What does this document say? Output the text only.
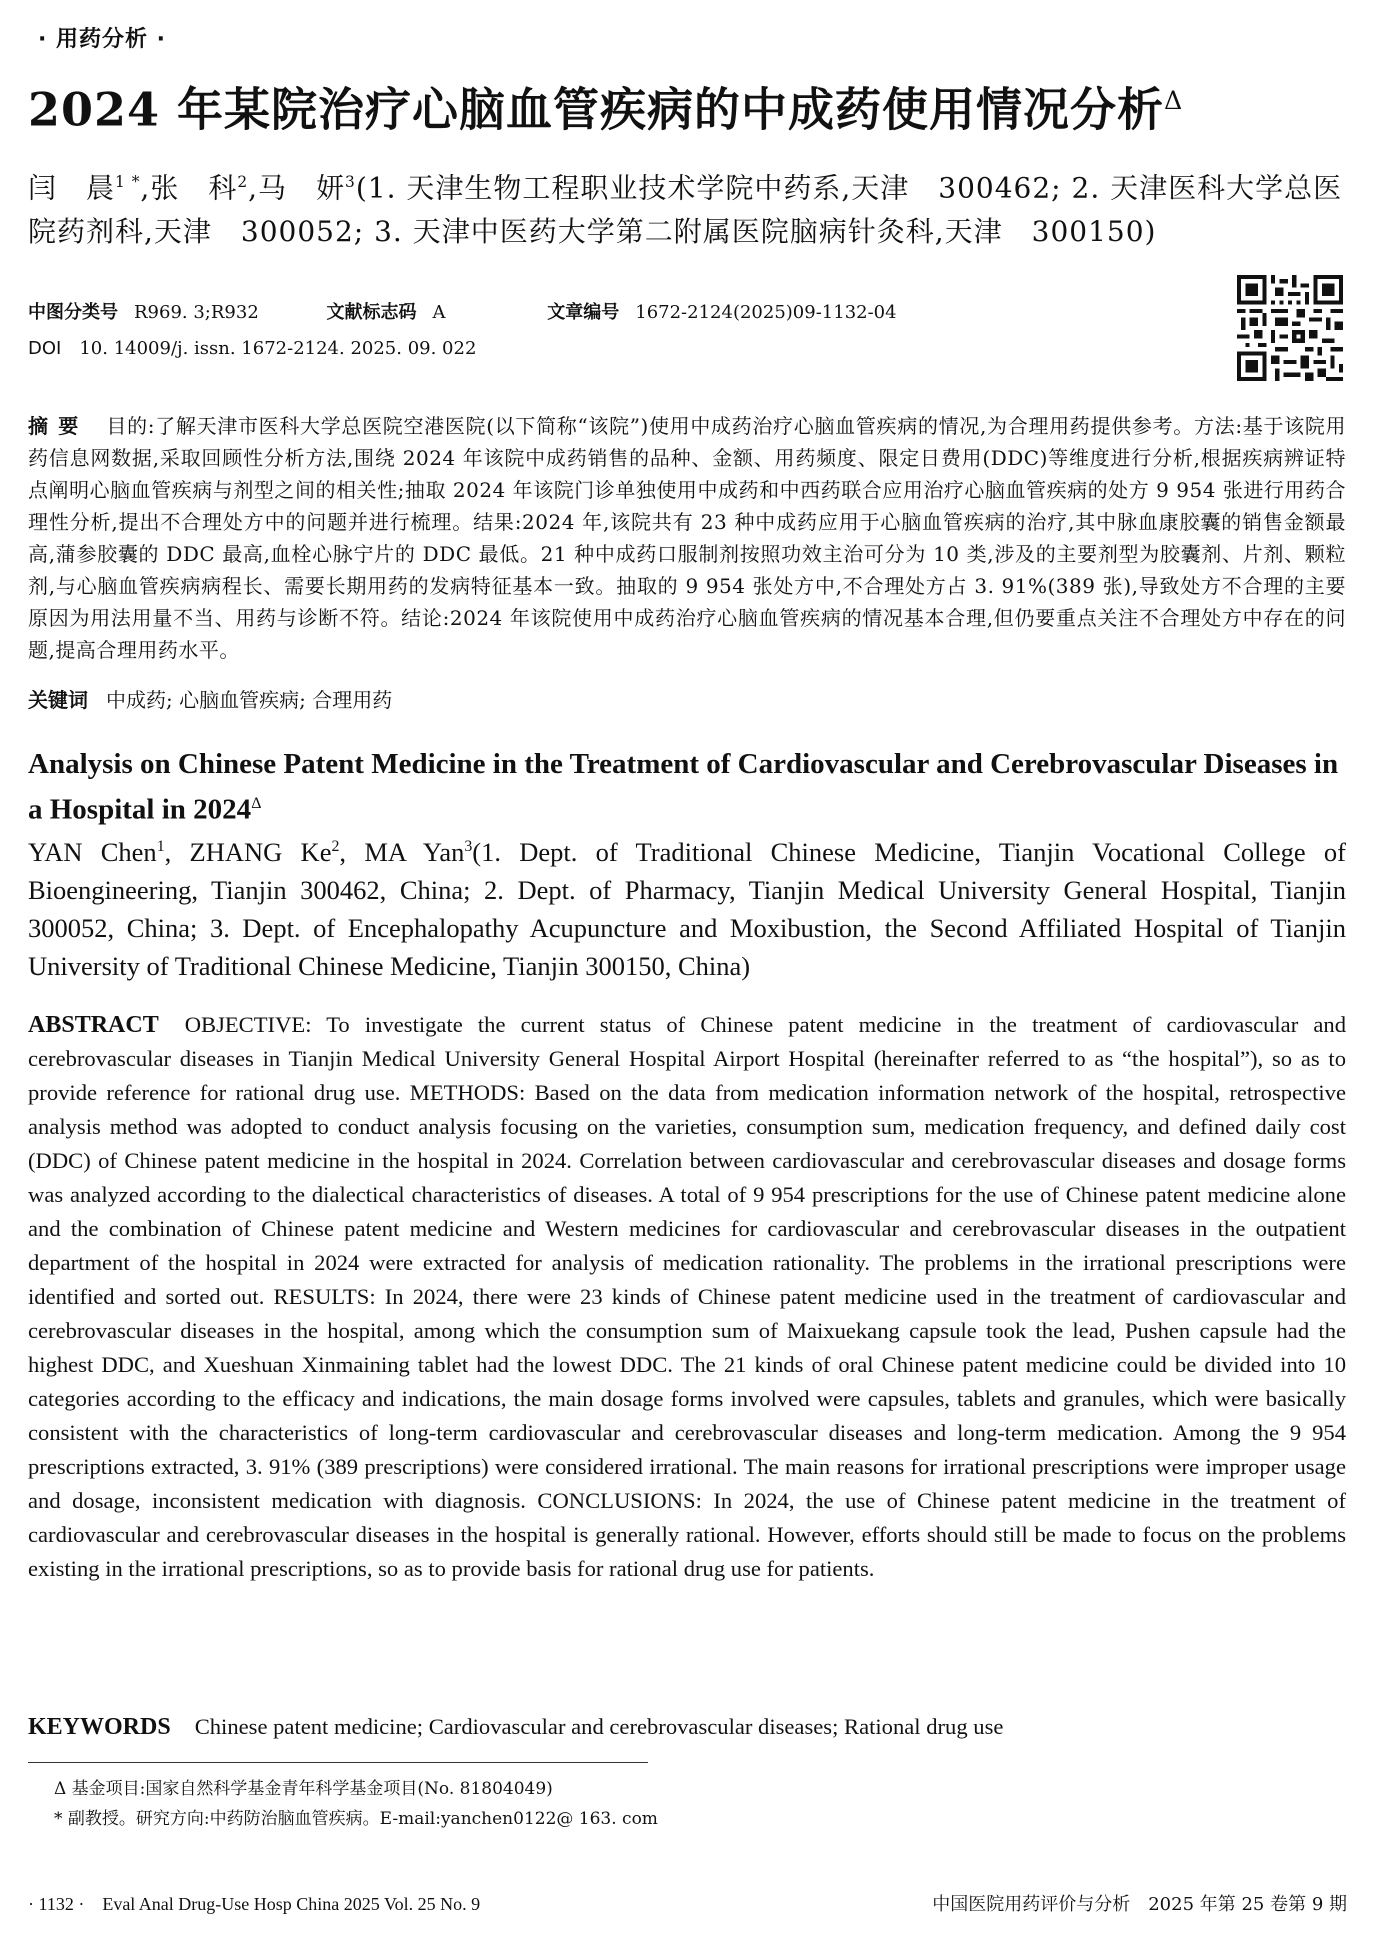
· 用药分析 ·
2024 年某院治疗心脑血管疾病的中成药使用情况分析$^\Delta$
闫　晨$^{1 *}$,张　科$^2$,马　妍$^3$(1. 天津生物工程职业技术学院中药系,天津　300462; 2. 天津医科大学总医院药剂科,天津　300052; 3. 天津中医药大学第二附属医院脑病针灸科,天津　300150)
中图分类号 R969. 3;R932	文献标志码 A	文章编号 1672-2124(2025)09-1132-04
DOI 10. 14009/j. issn. 1672-2124. 2025. 09. 022
摘要 目的:了解天津市医科大学总医院空港医院(以下简称“该院”)使用中成药治疗心脑血管疾病的情况,为合理用药提供参考。方法:基于该院用药信息网数据,采取回顾性分析方法,围绕 2024 年该院中成药销售的品种、金额、用药频度、限定日费用(DDC)等维度进行分析,根据疾病辨证特点阐明心脑血管疾病与剂型之间的相关性;抽取 2024 年该院门诊单独使用中成药和中西药联合应用治疗心脑血管疾病的处方 9 954 张进行用药合理性分析,提出不合理处方中的问题并进行梳理。结果:2024 年,该院共有 23 种中成药应用于心脑血管疾病的治疗,其中脉血康胶囊的销售金额最高,蒲参胶囊的 DDC 最高,血栓心脉宁片的 DDC 最低。21 种中成药口服制剂按照功效主治可分为 10 类,涉及的主要剂型为胶囊剂、片剂、颗粒剂,与心脑血管疾病病程长、需要长期用药的发病特征基本一致。抽取的 9 954 张处方中,不合理处方占 3. 91%(389 张),导致处方不合理的主要原因为用法用量不当、用药与诊断不符。结论:2024 年该院使用中成药治疗心脑血管疾病的情况基本合理,但仍要重点关注不合理处方中存在的问题,提高合理用药水平。
关键词 中成药; 心脑血管疾病; 合理用药
Analysis on Chinese Patent Medicine in the Treatment of Cardiovascular and Cerebrovascular Diseases in a Hospital in $2024^\Delta$
YAN Chen$^1$, ZHANG Ke$^2$, MA Yan$^3$(1. Dept. of Traditional Chinese Medicine, Tianjin Vocational College of Bioengineering, Tianjin 300462, China; 2. Dept. of Pharmacy, Tianjin Medical University General Hospital, Tianjin 300052, China; 3. Dept. of Encephalopathy Acupuncture and Moxibustion, the Second Affiliated Hospital of Tianjin University of Traditional Chinese Medicine, Tianjin 300150, China)
ABSTRACT OBJECTIVE: To investigate the current status of Chinese patent medicine in the treatment of cardiovascular and cerebrovascular diseases in Tianjin Medical University General Hospital Airport Hospital (hereinafter referred to as “the hospital”), so as to provide reference for rational drug use. METHODS: Based on the data from medication information network of the hospital, retrospective analysis method was adopted to conduct analysis focusing on the varieties, consumption sum, medication frequency, and defined daily cost (DDC) of Chinese patent medicine in the hospital in 2024. Correlation between cardiovascular and cerebrovascular diseases and dosage forms was analyzed according to the dialectical characteristics of diseases. A total of 9 954 prescriptions for the use of Chinese patent medicine alone and the combination of Chinese patent medicine and Western medicines for cardiovascular and cerebrovascular diseases in the outpatient department of the hospital in 2024 were extracted for analysis of medication rationality. The problems in the irrational prescriptions were identified and sorted out. RESULTS: In 2024, there were 23 kinds of Chinese patent medicine used in the treatment of cardiovascular and cerebrovascular diseases in the hospital, among which the consumption sum of Maixuekang capsule took the lead, Pushen capsule had the highest DDC, and Xueshuan Xinmaining tablet had the lowest DDC. The 21 kinds of oral Chinese patent medicine could be divided into 10 categories according to the efficacy and indications, the main dosage forms involved were capsules, tablets and granules, which were basically consistent with the characteristics of long-term cardiovascular and cerebrovascular diseases and long-term medication. Among the 9 954 prescriptions extracted, 3. 91% (389 prescriptions) were considered irrational. The main reasons for irrational prescriptions were improper usage and dosage, inconsistent medication with diagnosis. CONCLUSIONS: In 2024, the use of Chinese patent medicine in the treatment of cardiovascular and cerebrovascular diseases in the hospital is generally rational. However, efforts should still be made to focus on the problems existing in the irrational prescriptions, so as to provide basis for rational drug use for patients.
KEYWORDS Chinese patent medicine; Cardiovascular and cerebrovascular diseases; Rational drug use
Δ 基金项目:国家自然科学基金青年科学基金项目(No. 81804049)
* 副教授。研究方向:中药防治脑血管疾病。E-mail:yanchen0122@ 163. com
· 1132 ·　Eval Anal Drug-Use Hosp China 2025 Vol. 25 No. 9	中国医院用药评价与分析　2025 年第 25 卷第 9 期
